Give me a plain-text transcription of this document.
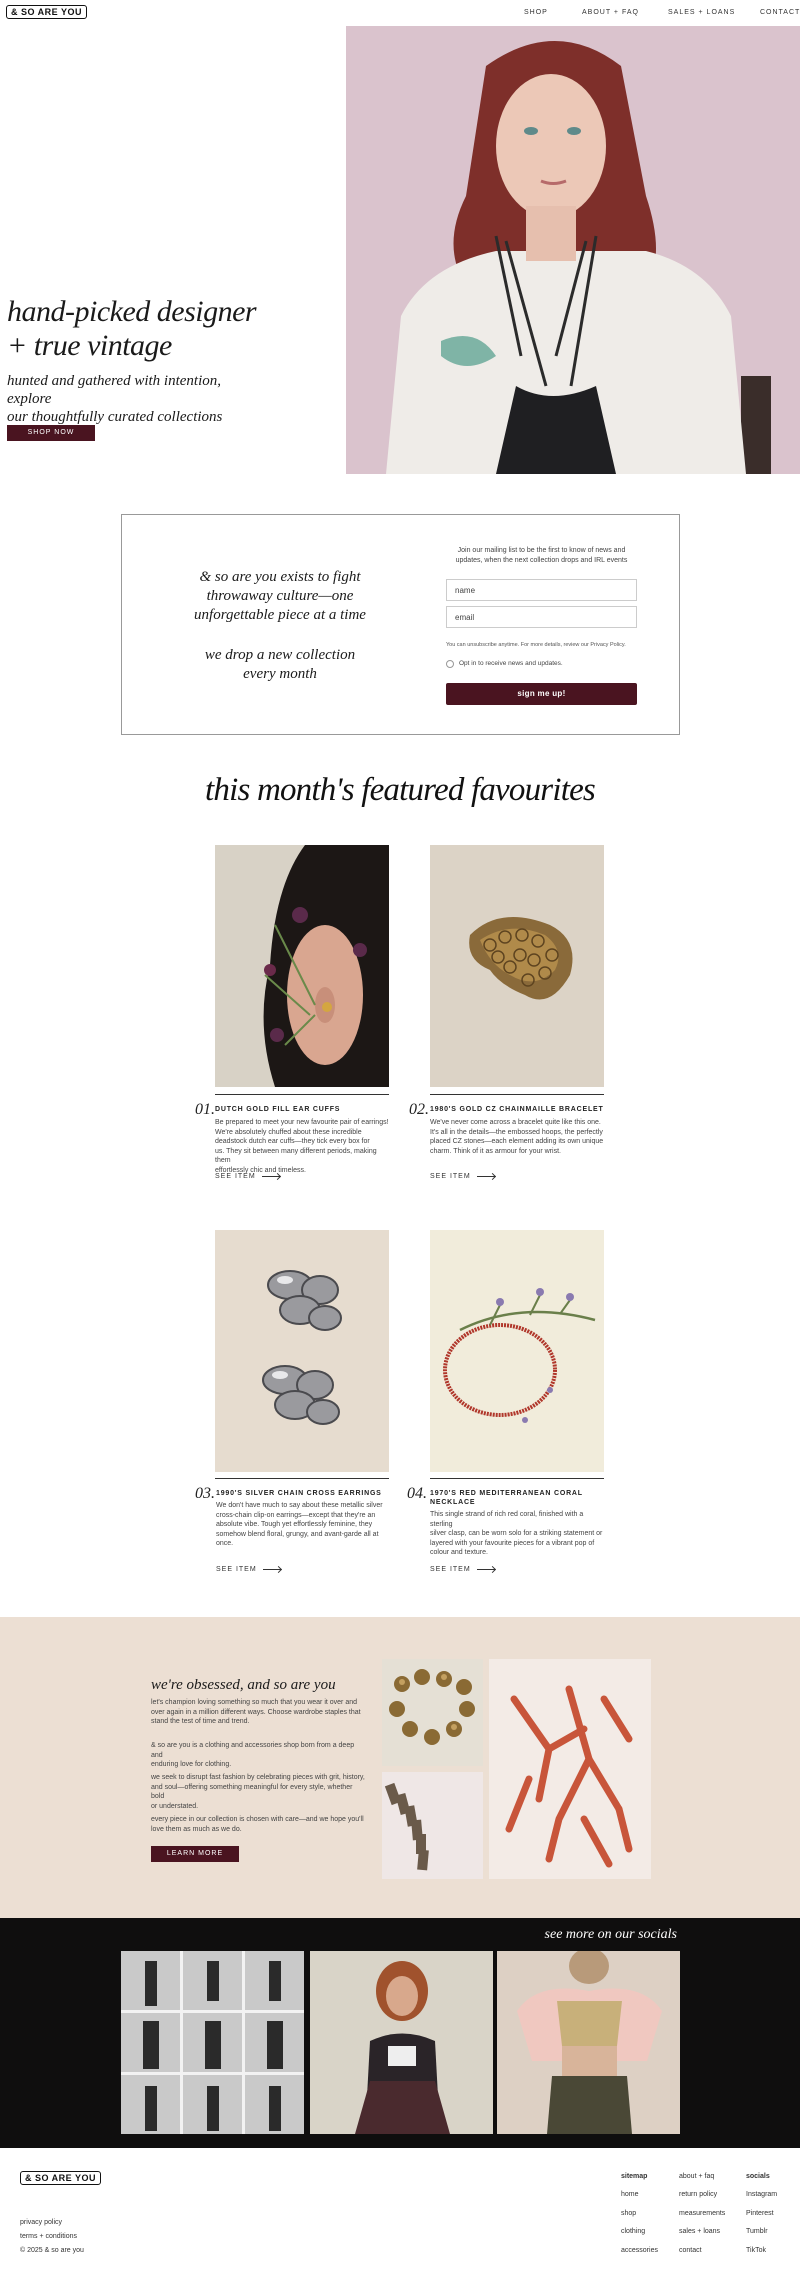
& SO ARE YOU	SHOP	ABOUT + FAQ	SALES + LOANS	CONTACT
hand-picked designer
+ true vintage
hunted and gathered with intention, explore
our thoughtfully curated collections
SHOP NOW
& so are you exists to fight
throwaway culture—one
unforgettable piece at a time
we drop a new collection
every month
Join our mailing list to be the first to know of news and
updates, when the next collection drops and IRL events
name
email
You can unsubscribe anytime. For more details, review our Privacy Policy.
Opt in to receive news and updates.
sign me up!
this month's featured favourites
01. DUTCH GOLD FILL EAR CUFFS
Be prepared to meet your new favourite pair of earrings!
We're absolutely chuffed about these incredible
deadstock dutch ear cuffs—they tick every box for
us. They sit between many different periods, making them
effortlessly chic and timeless.
SEE ITEM
02. 1980'S GOLD CZ CHAINMAILLE BRACELET
We've never come across a bracelet quite like this one.
It's all in the details—the embossed hoops, the perfectly
placed CZ stones—each element adding its own unique
charm. Think of it as armour for your wrist.
SEE ITEM
03. 1990'S SILVER CHAIN CROSS EARRINGS
We don't have much to say about these metallic silver
cross-chain clip-on earrings—except that they're an
absolute vibe. Tough yet effortlessly feminine, they
somehow blend floral, grungy, and avant-garde all at
once.
SEE ITEM
04. 1970'S RED MEDITERRANEAN CORAL
NECKLACE
This single strand of rich red coral, finished with a sterling
silver clasp, can be worn solo for a striking statement or
layered with your favourite pieces for a vibrant pop of
colour and texture.
SEE ITEM
we're obsessed, and so are you
let's champion loving something so much that you wear it over and
over again in a million different ways. Choose wardrobe staples that
stand the test of time and trend.
& so are you is a clothing and accessories shop born from a deep and
enduring love for clothing.
we seek to disrupt fast fashion by celebrating pieces with grit, history,
and soul—offering something meaningful for every style, whether bold
or understated.
every piece in our collection is chosen with care—and we hope you'll
love them as much as we do.
LEARN MORE
see more on our socials
& SO ARE YOU
privacy policy
terms + conditions
© 2025 & so are you
sitemap
home
shop
clothing
accessories
about + faq
return policy
measurements
sales + loans
contact
socials
Instagram
Pinterest
Tumblr
TikTok
